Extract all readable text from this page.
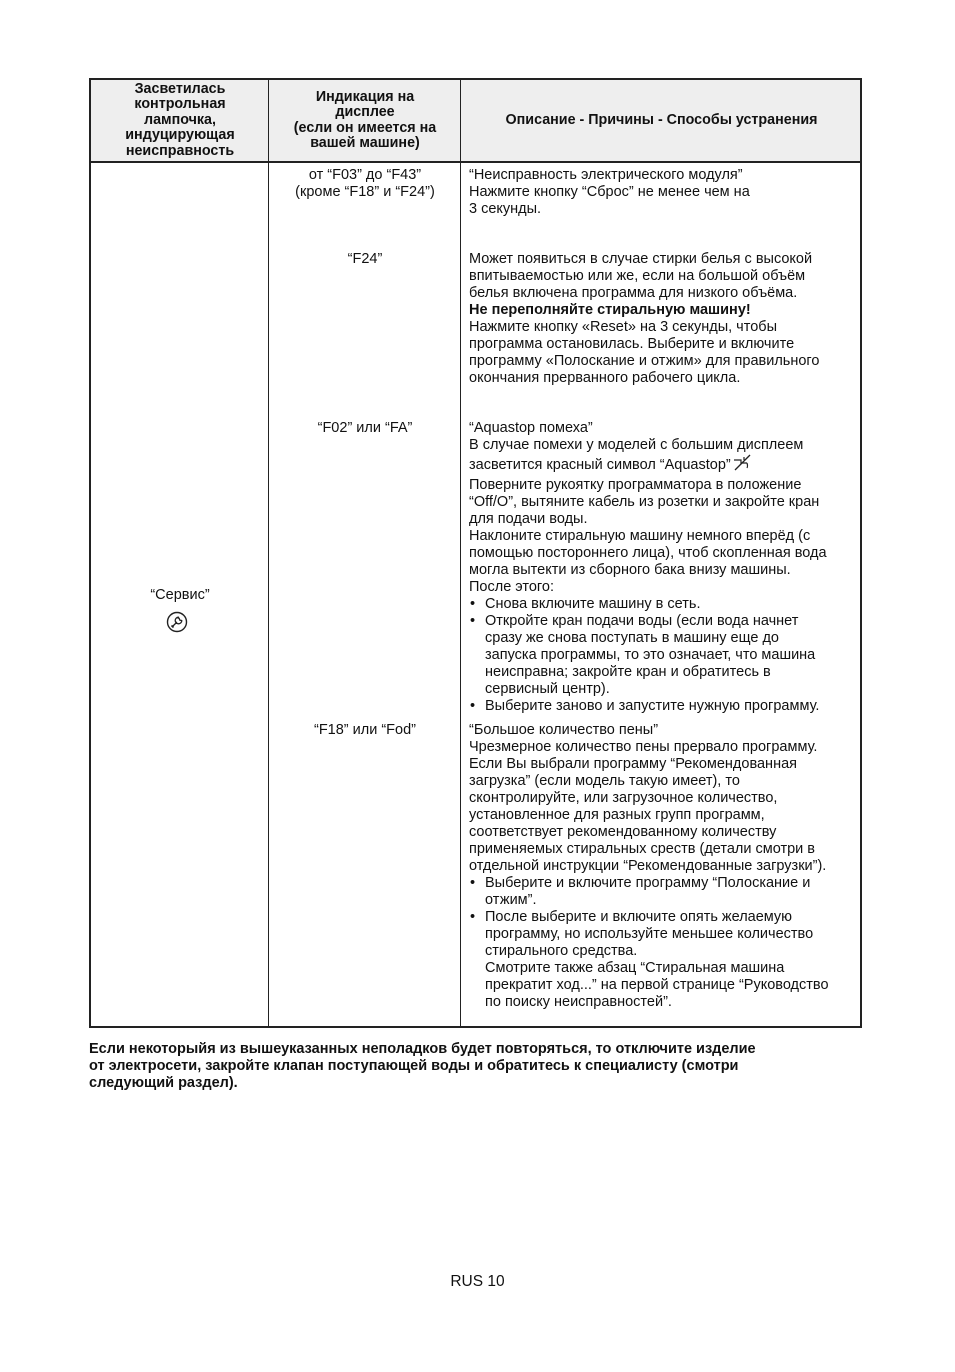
Засветилась
контрольная
лампочка,
индуцирующая
неисправность
Индикация на
дисплее
(если он имеется на
вашей машине)
Описание - Причины - Способы устранения
“Сервис”
от “F03” до “F43”
(кроме “F18” и “F24”)
“F24”
“F02” или “FA”
“F18” или “Fod”

“Неисправность электрического модуля”

Нажмите кнопку “Сброс” не менее чем на

3 секунды.

Может появиться в случае стирки белья с высокой

впитываемостью или же, если на большой объём

белья включена программа для низкого объёма.

Не переполняйте стиральную машину!

Нажмите кнопку «Reset» на 3 секунды, чтобы

программа остановилась. Выберите и включите

программу «Полоскание и отжим» для правильного

окончания прерванного рабочего цикла.

“Aquastop помеха”

В случае помехи у моделей с большим дисплеем

засветится красный символ “Aquastop”

Поверните рукоятку программатора в положение

“Off/O”, вытяните кабель из розетки и закройте кран

для подачи воды.

Наклоните стиральную машину немного вперёд (с

помощью постороннего лица), чтоб скопленная вода

могла вытекти из сборного бака внизу машины.

После этого:

• Снова включите машину в сеть.
• Откройте кран подачи воды (если вода начнет
сразу же снова поступать в машину еще до
запуска программы, то это означает, что машина
неисправна; закройте кран и обратитесь в
сервисный центр).
• Выберите заново и запустите нужную программу.

“Большое количество пены”

Чрезмерное количество пены прервало программу.

Если Вы выбрали программу “Рекомендованная

загрузка” (если модель такую имеет), то

сконтролируйте, или загрузочное количество,

установленное для разных групп программ,

соответствует рекомендованному количеству

применяемых стиральных среств (детали смотри в

отдельной инструкции “Рекомендованные загрузки”).

• Выберите и включите программу “Полоскание и
отжим”.
• После выберите и включите опять желаемую
программу, но используйте меньшее количество
стирального средства.
Смотрите также абзац “Стиральная машина
прекратит ход...” на первой странице “Руководство
по поиску неисправностей”.
Если некоторыйя из вышеуказанных неполадков будет повторяться, то отключите изделие
от электросети, закройте клапан поступающей воды и обратитесь к специалисту (смотри
следующий раздел).
RUS 10
